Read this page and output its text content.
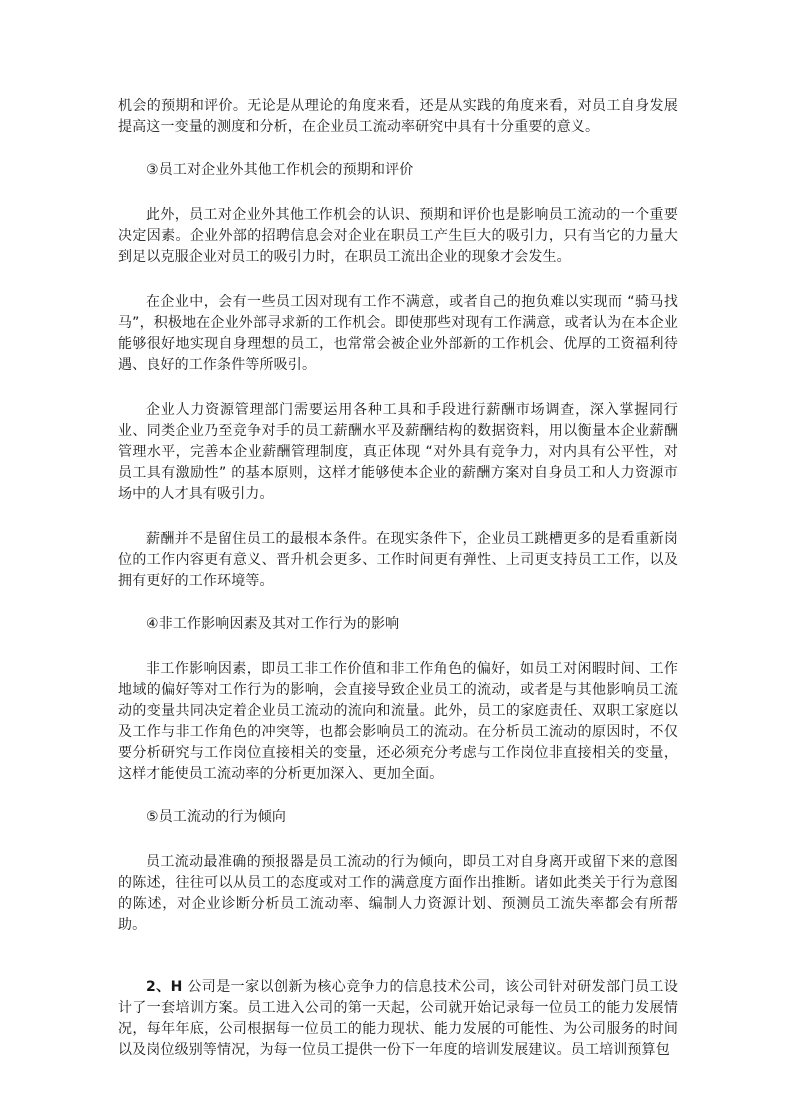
机会的预期和评价。无论是从理论的角度来看，还是从实践的角度来看，对员工自身发展提高这一变量的测度和分析，在企业员工流动率研究中具有十分重要的意义。

③员工对企业外其他工作机会的预期和评价

此外，员工对企业外其他工作机会的认识、预期和评价也是影响员工流动的一个重要决定因素。企业外部的招聘信息会对企业在职员工产生巨大的吸引力，只有当它的力量大到足以克服企业对员工的吸引力时，在职员工流出企业的现象才会发生。

在企业中，会有一些员工因对现有工作不满意，或者自己的抱负难以实现而 “骑马找马”，积极地在企业外部寻求新的工作机会。即使那些对现有工作满意，或者认为在本企业能够很好地实现自身理想的员工，也常常会被企业外部新的工作机会、优厚的工资福利待遇、良好的工作条件等所吸引。

企业人力资源管理部门需要运用各种工具和手段进行薪酬市场调查，深入掌握同行业、同类企业乃至竞争对手的员工薪酬水平及薪酬结构的数据资料，用以衡量本企业薪酬管理水平，完善本企业薪酬管理制度，真正体现 “对外具有竞争力，对内具有公平性，对员工具有激励性” 的基本原则，这样才能够使本企业的薪酬方案对自身员工和人力资源市场中的人才具有吸引力。

薪酬并不是留住员工的最根本条件。在现实条件下，企业员工跳槽更多的是看重新岗位的工作内容更有意义、晋升机会更多、工作时间更有弹性、上司更支持员工工作，以及拥有更好的工作环境等。

④非工作影响因素及其对工作行为的影响

非工作影响因素，即员工非工作价值和非工作角色的偏好，如员工对闲暇时间、工作地域的偏好等对工作行为的影响，会直接导致企业员工的流动，或者是与其他影响员工流动的变量共同决定着企业员工流动的流向和流量。此外，员工的家庭责任、双职工家庭以及工作与非工作角色的冲突等，也都会影响员工的流动。在分析员工流动的原因时，不仅要分析研究与工作岗位直接相关的变量，还必须充分考虑与工作岗位非直接相关的变量，这样才能使员工流动率的分析更加深入、更加全面。

⑤员工流动的行为倾向

员工流动最准确的预报器是员工流动的行为倾向，即员工对自身离开或留下来的意图的陈述，往往可以从员工的态度或对工作的满意度方面作出推断。诸如此类关于行为意图的陈述，对企业诊断分析员工流动率、编制人力资源计划、预测员工流失率都会有所帮助。

2、H 公司是一家以创新为核心竞争力的信息技术公司，该公司针对研发部门员工设计了一套培训方案。员工进入公司的第一天起，公司就开始记录每一位员工的能力发展情况，每年年底，公司根据每一位员工的能力现状、能力发展的可能性、为公司服务的时间以及岗位级别等情况，为每一位员工提供一份下一年度的培训发展建议。员工培训预算包
